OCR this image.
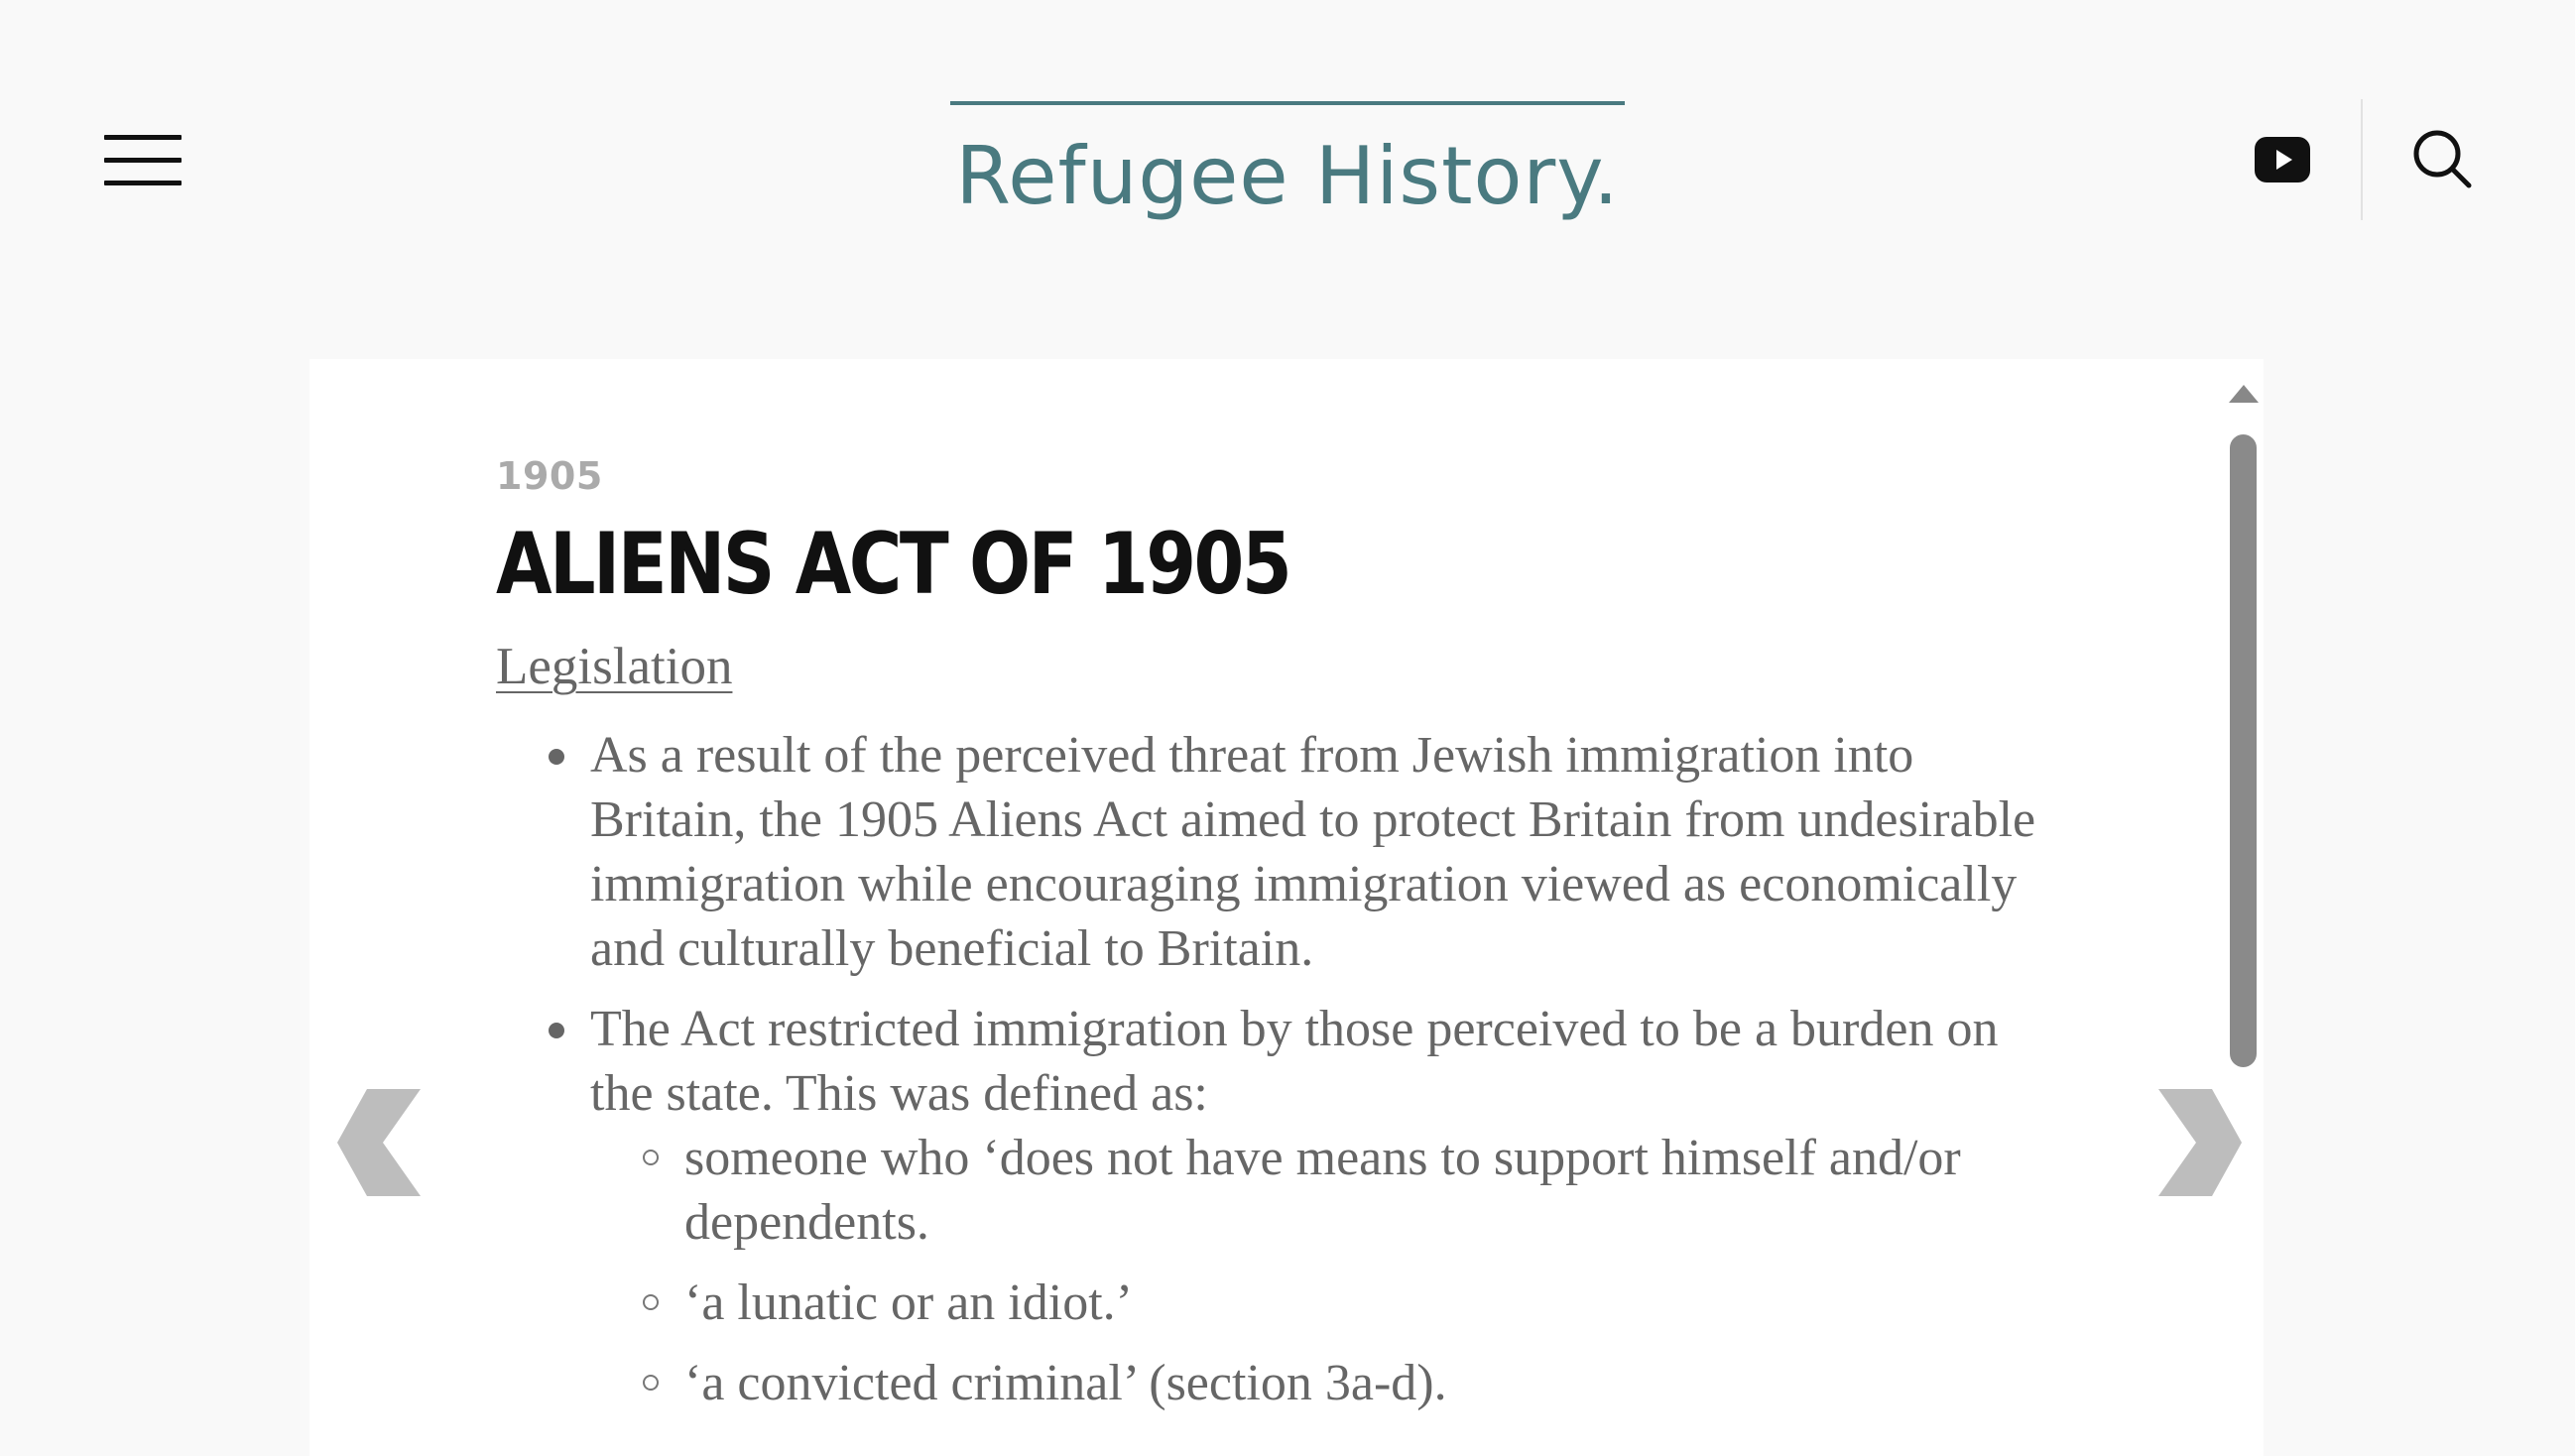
Refugee History.
1905
ALIENS ACT OF 1905
Legislation
As a result of the perceived threat from Jewish immigration into Britain, the 1905 Aliens Act aimed to protect Britain from undesirable immigration while encouraging immigration viewed as economically and culturally beneficial to Britain.
The Act restricted immigration by those perceived to be a burden on the state. This was defined as:
someone who ‘does not have means to support himself and/or dependents.
‘a lunatic or an idiot.’
‘a convicted criminal’ (section 3a-d).
